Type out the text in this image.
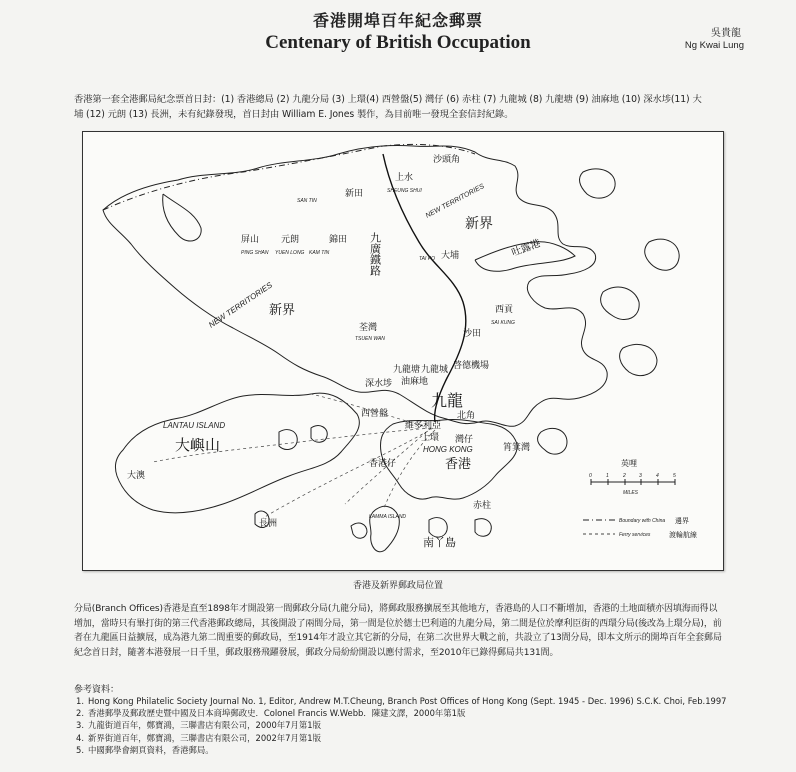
香港開埠百年紀念郵票
Centenary of British Occupation	吳貴龍
Ng Kwai Lung
香港第一套全港郵局紀念票首日封：(1) 香港總局 (2) 九龍分局 (3) 上環(4) 西營盤(5) 灣仔 (6) 赤柱 (7) 九龍城 (8) 九龍塘 (9) 油麻地 (10) 深水埗(11) 大埔 (12) 元朗 (13) 長洲，未有紀錄發現，首日封由 William E. Jones 製作，為目前唯一發現全套信封紀錄。
沙頭角
上水
SHEUNG SHUI
新田
SAN TIN
屏山
PING SHAN
元朗
YUEN LONG
錦田
KAM TIN	大埔
TAI PO
九廣鐵路
NEW TERRITORIES
新界
吐露港
NEW TERRITORIES
新界	西貢
SAI KUNG
沙田
荃灣
TSUEN WAN
九龍塘 九龍城 啓德機場
深水埗 油麻地
九龍
西營盤	北角
維多利亞
上環 灣仔
筲箕灣
香港仔
HONG KONG
香港
赤柱
LANTAU ISLAND
大嶼山
大澳
長洲
LAMMA ISLAND
南丫島
英哩
0	1	2	3	4	5
MILES
Boundary with China 邊界
Ferry services	渡輪航線
香港及新界郵政局位置
分局(Branch Offices)香港是直至1898年才開設第一間郵政分局(九龍分局)，將郵政服務擴展至其他地方，香港島的人口不斷增加，香港的土地面積亦因填海而得以增加，當時只有畢打街的第三代香港郵政總局，其後開設了兩間分局，第一間是位於德士巴利道的九龍分局，第二間是位於摩利臣街的西環分局(後改為上環分局)，前者在九龍區日益擴展，成為港九第二間重要的郵政局，至1914年才設立其它新的分局，在第二次世界大戰之前，共設立了13間分局，即本文所示的開埠百年全套郵局紀念首日封，隨著本港發展一日千里，郵政服務飛躍發展，郵政分局紛紛開設以應付需求，至2010年已錄得郵局共131間。
參考資料：
1. Hong Kong Philatelic Society Journal No. 1, Editor, Andrew M.T.Cheung, Branch Post Offices of Hong Kong (Sept. 1945 - Dec. 1996) S.C.K. Choi, Feb.1997
2. 香港郵學及郵政歷史暨中國及日本商埠郵政史．Colonel Francis W.Webb．陳建文譯，2000年第1版
3. 九龍街道百年，鄭寶鴻，三聯書店有限公司，2000年7月第1版
4. 新界街道百年，鄭寶鴻，三聯書店有限公司，2002年7月第1版
5. 中國郵學會網頁資料，香港郵局。
